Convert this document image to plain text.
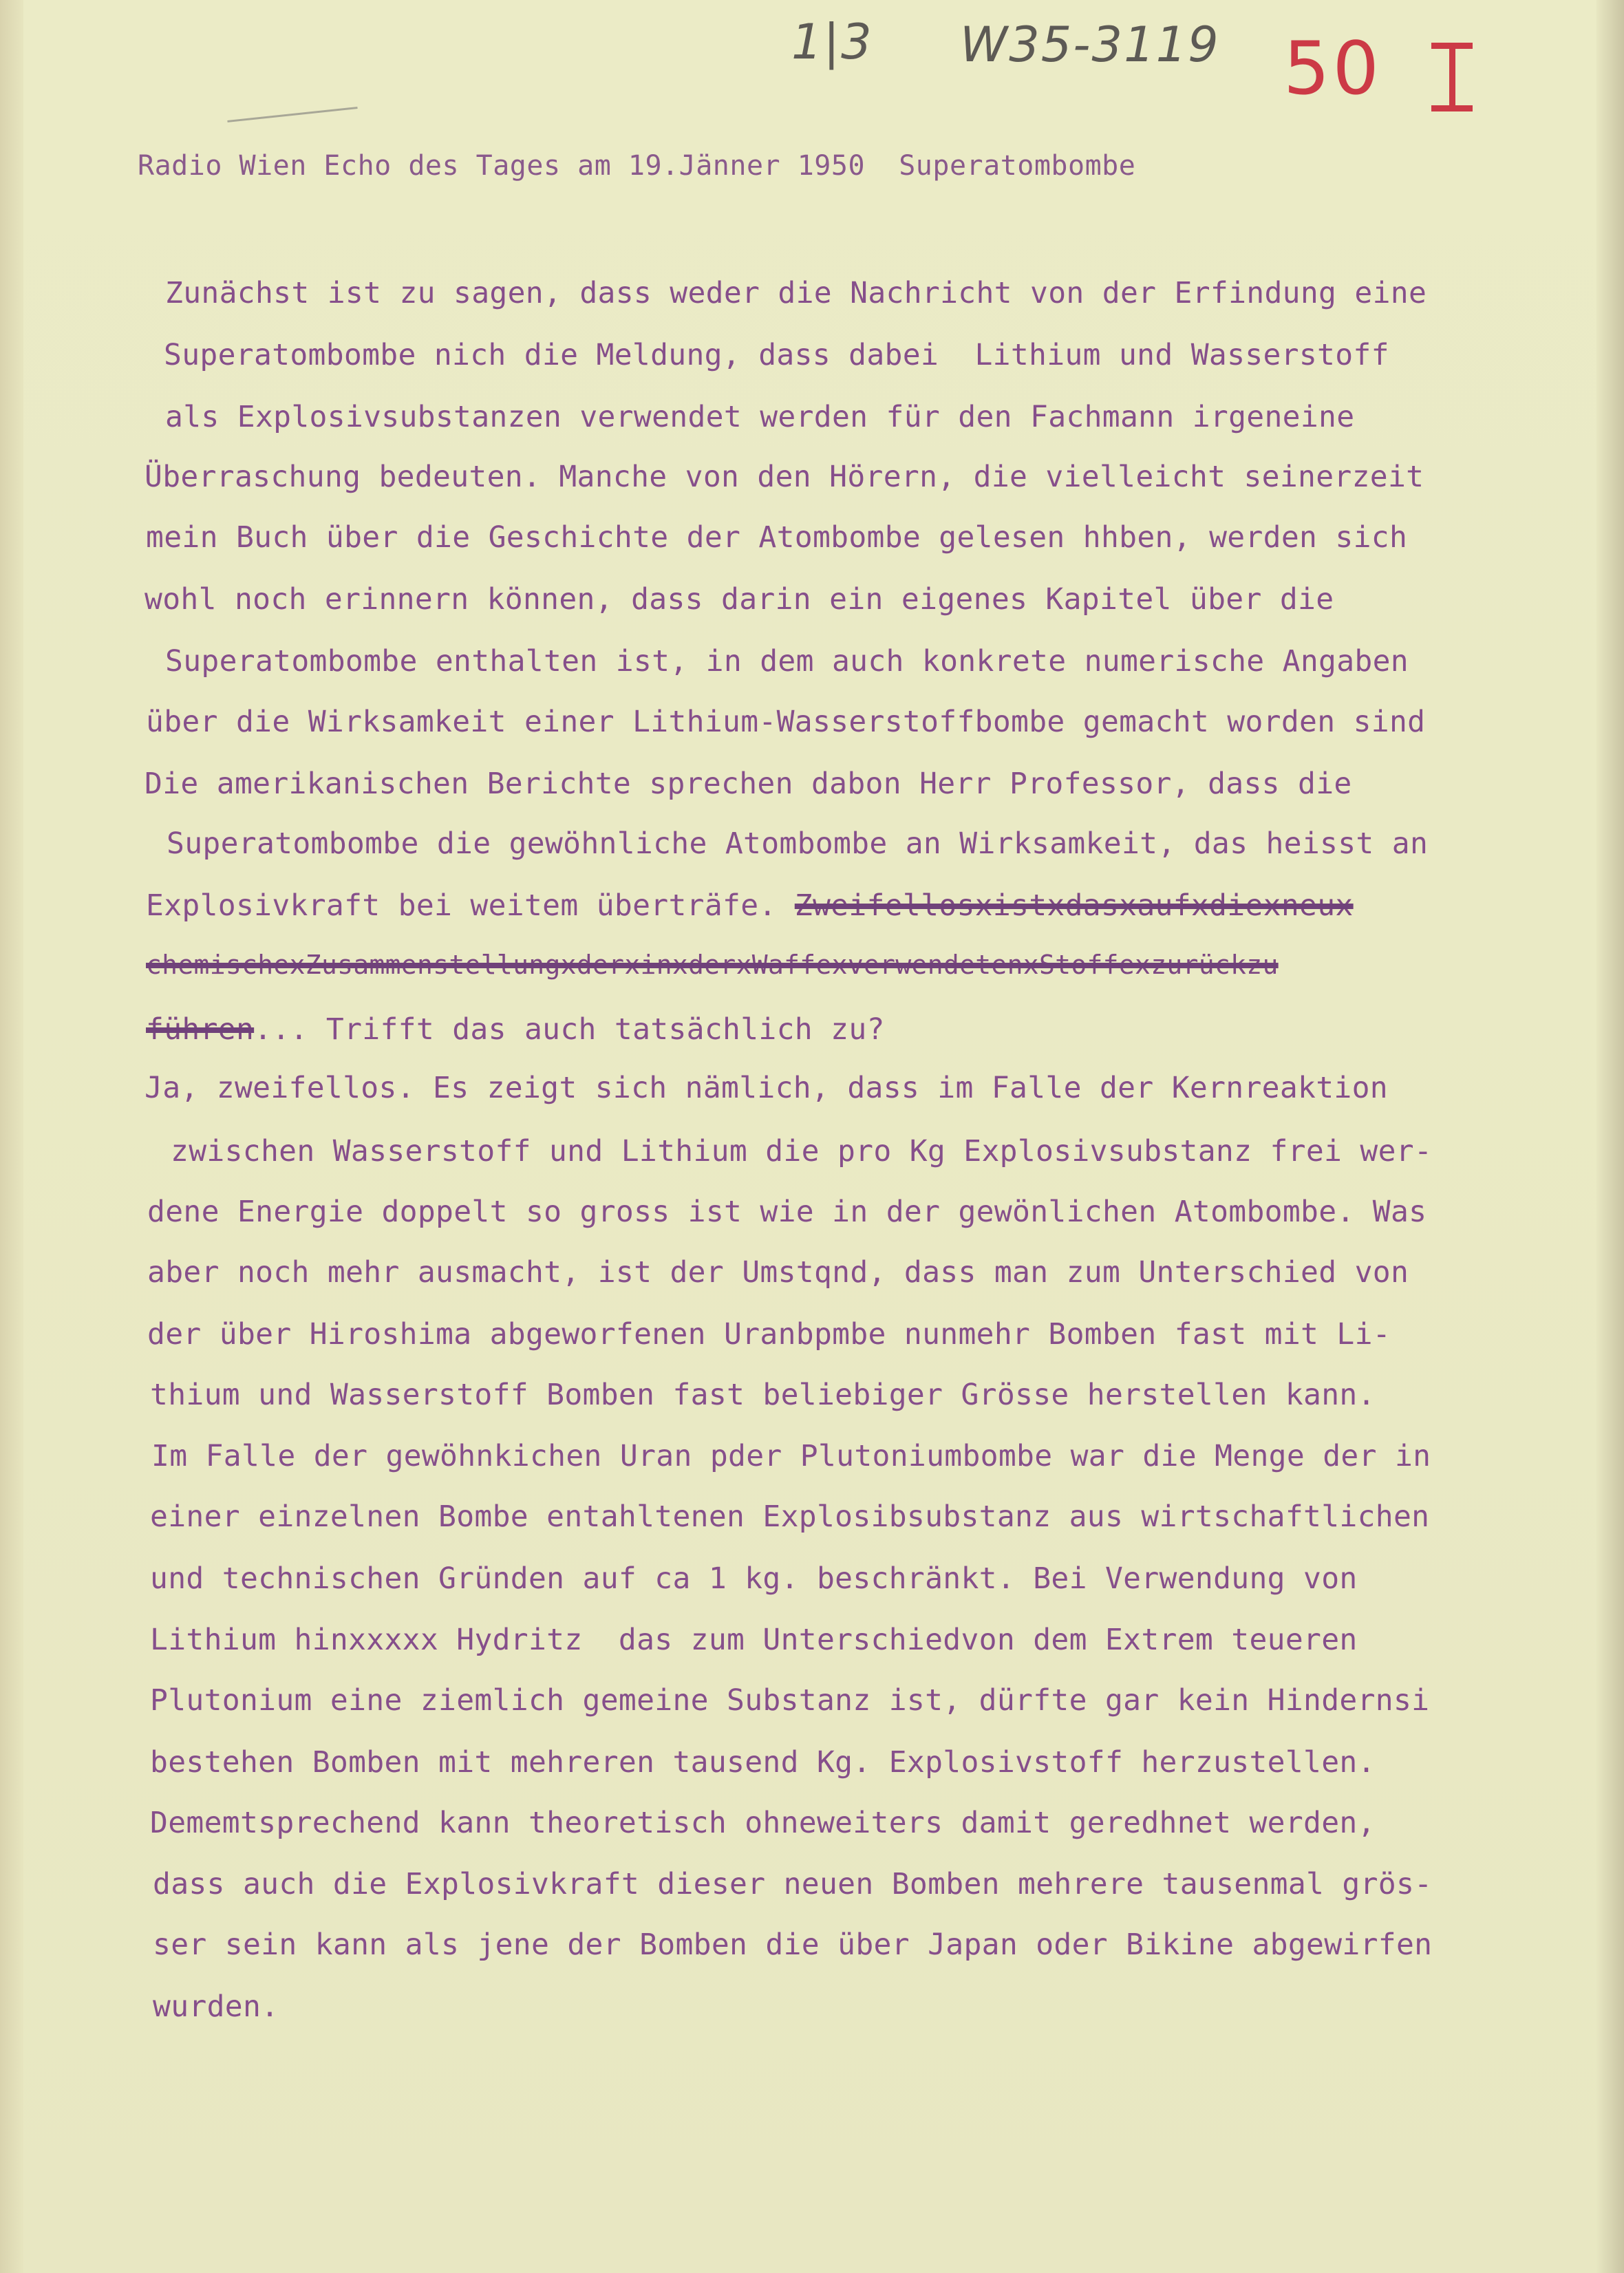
1|3 W35-3119 50
Radio Wien Echo des Tages am 19.Jänner 1950  Superatombombe
Zunächst ist zu sagen, dass weder die Nachricht von der Erfindung eine
Superatombombe nich die Meldung, dass dabei  Lithium und Wasserstoff
als Explosivsubstanzen verwendet werden für den Fachmann irgeneine
Überraschung bedeuten. Manche von den Hörern, die vielleicht seinerzeit
mein Buch über die Geschichte der Atombombe gelesen hhben, werden sich
wohl noch erinnern können, dass darin ein eigenes Kapitel über die
Superatombombe enthalten ist, in dem auch konkrete numerische Angaben
über die Wirksamkeit einer Lithium-Wasserstoffbombe gemacht worden sind
Die amerikanischen Berichte sprechen dabon Herr Professor, dass die
Superatombombe die gewöhnliche Atombombe an Wirksamkeit, das heisst an
Explosivkraft bei weitem überträfe. Zweifellosxistxdasxaufxdiexneux
chemischexZusammenstellungxderxinxderxWaffexverwendetenxStoffexzurückzu
führen... Trifft das auch tatsächlich zu?
Ja, zweifellos. Es zeigt sich nämlich, dass im Falle der Kernreaktion
zwischen Wasserstoff und Lithium die pro Kg Explosivsubstanz frei wer-
dene Energie doppelt so gross ist wie in der gewönlichen Atombombe. Was
aber noch mehr ausmacht, ist der Umstqnd, dass man zum Unterschied von
der über Hiroshima abgeworfenen Uranbpmbe nunmehr Bomben fast mit Li-
thium und Wasserstoff Bomben fast beliebiger Grösse herstellen kann.
Im Falle der gewöhnkichen Uran pder Plutoniumbombe war die Menge der in
einer einzelnen Bombe entahltenen Explosibsubstanz aus wirtschaftlichen
und technischen Gründen auf ca 1 kg. beschränkt. Bei Verwendung von
Lithium hinxxxxx Hydritz  das zum Unterschiedvon dem Extrem teueren
Plutonium eine ziemlich gemeine Substanz ist, dürfte gar kein Hindernsi
bestehen Bomben mit mehreren tausend Kg. Explosivstoff herzustellen.
Dememtsprechend kann theoretisch ohneweiters damit geredhnet werden,
dass auch die Explosivkraft dieser neuen Bomben mehrere tausenmal grös-
ser sein kann als jene der Bomben die über Japan oder Bikine abgewirfen
wurden.
